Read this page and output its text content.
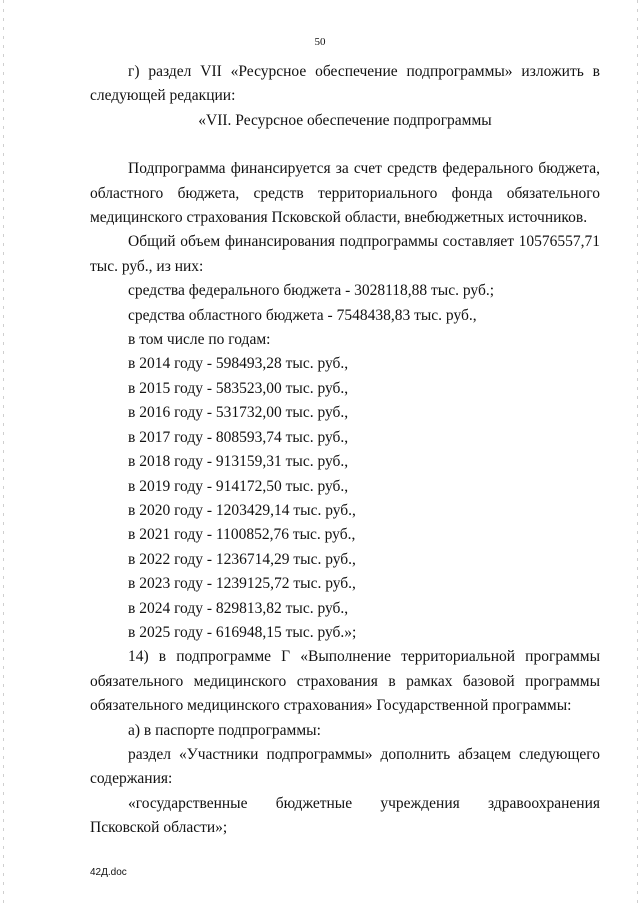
50

г) раздел VII «Ресурсное обеспечение подпрограммы» изложить в следующей редакции:

«VII. Ресурсное обеспечение подпрограммы

Подпрограмма финансируется за счет средств федерального бюджета, областного бюджета, средств территориального фонда обязательного медицинского страхования Псковской области, внебюджетных источников.

Общий объем финансирования подпрограммы составляет 10576557,71 тыс. руб., из них:

средства федерального бюджета - 3028118,88 тыс. руб.;

средства областного бюджета - 7548438,83 тыс. руб.,

в том числе по годам:

в 2014 году - 598493,28 тыс. руб.,

в 2015 году - 583523,00 тыс. руб.,

в 2016 году - 531732,00 тыс. руб.,

в 2017 году - 808593,74 тыс. руб.,

в 2018 году - 913159,31 тыс. руб.,

в 2019 году - 914172,50 тыс. руб.,

в 2020 году - 1203429,14 тыс. руб.,

в 2021 году - 1100852,76 тыс. руб.,

в 2022 году - 1236714,29 тыс. руб.,

в 2023 году - 1239125,72 тыс. руб.,

в 2024 году - 829813,82 тыс. руб.,

в 2025 году - 616948,15 тыс. руб.»;

14) в подпрограмме Г «Выполнение территориальной программы обязательного медицинского страхования в рамках базовой программы обязательного медицинского страхования» Государственной программы:

а) в паспорте подпрограммы:

раздел «Участники подпрограммы» дополнить абзацем следующего содержания:

«государственные бюджетные учреждения здравоохранения Псковской области»;

42Д.doc
